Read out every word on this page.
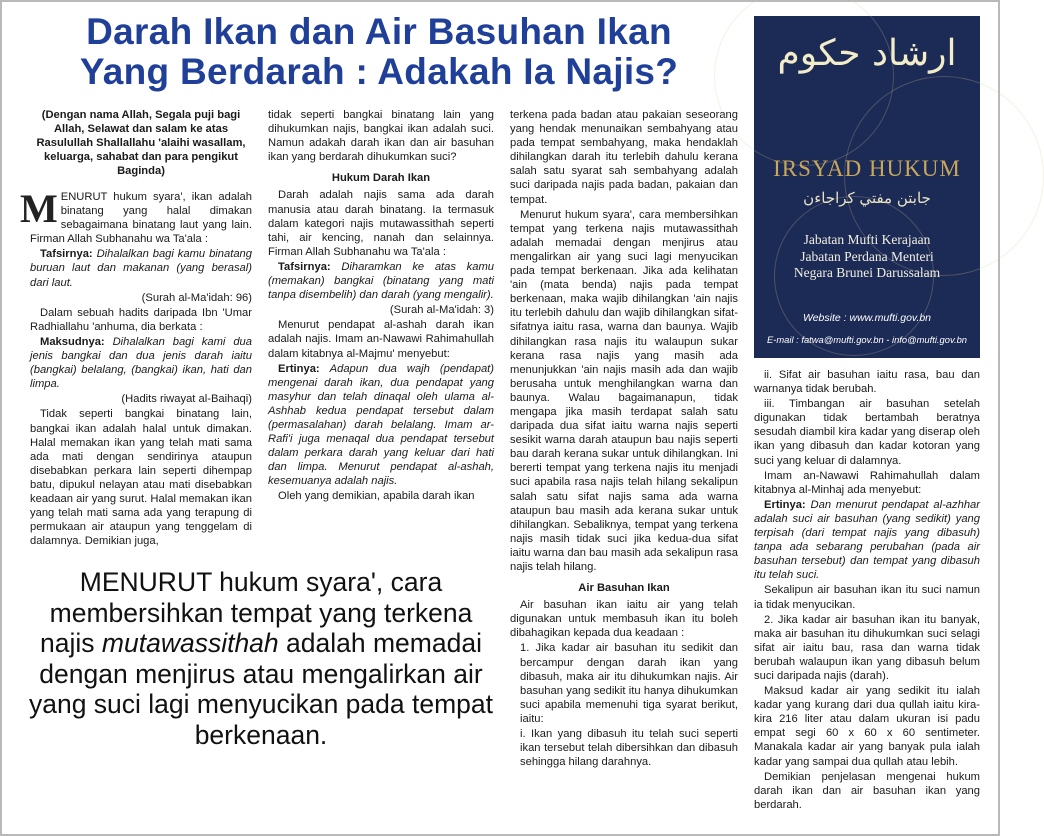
Darah Ikan dan Air Basuhan Ikan
Yang Berdarah : Adakah Ia Najis?

(Dengan nama Allah, Segala puji bagi Allah, Selawat dan salam ke atas Rasulullah Shallallahu 'alaihi wasallam, keluarga, sahabat dan para pengikut Baginda)

MENURUT hukum syara', ikan adalah binatang yang halal dimakan sebagaimana binatang laut yang lain. Firman Allah Subhanahu wa Ta'ala :

Tafsirnya: Dihalalkan bagi kamu binatang buruan laut dan makanan (yang berasal) dari laut.

(Surah al-Ma'idah: 96)

Dalam sebuah hadits daripada Ibn 'Umar Radhiallahu 'anhuma, dia berkata :

Maksudnya: Dihalalkan bagi kami dua jenis bangkai dan dua jenis darah iaitu (bangkai) belalang, (bangkai) ikan, hati dan limpa.

(Hadits riwayat al-Baihaqi)

Tidak seperti bangkai binatang lain, bangkai ikan adalah halal untuk dimakan. Halal memakan ikan yang telah mati sama ada mati dengan sendirinya ataupun disebabkan perkara lain seperti dihempap batu, dipukul nelayan atau mati disebabkan keadaan air yang surut. Halal memakan ikan yang telah mati sama ada yang terapung di permukaan air ataupun yang tenggelam di dalamnya. Demikian juga,

tidak seperti bangkai binatang lain yang dihukumkan najis, bangkai ikan adalah suci. Namun adakah darah ikan dan air basuhan ikan yang berdarah dihukumkan suci?

Hukum Darah Ikan

Darah adalah najis sama ada darah manusia atau darah binatang. Ia termasuk dalam kategori najis mutawassithah seperti tahi, air kencing, nanah dan selainnya. Firman Allah Subhanahu wa Ta'ala :

Tafsirnya: Diharamkan ke atas kamu (memakan) bangkai (binatang yang mati tanpa disembelih) dan darah (yang mengalir).

(Surah al-Ma'idah: 3)

Menurut pendapat al-ashah darah ikan adalah najis. Imam an-Nawawi Rahimahullah dalam kitabnya al-Majmu' menyebut:

Ertinya: Adapun dua wajh (pendapat) mengenai darah ikan, dua pendapat yang masyhur dan telah dinaqal oleh ulama al-Ashhab kedua pendapat tersebut dalam (permasalahan) darah belalang. Imam ar-Rafi'i juga menaqal dua pendapat tersebut dalam perkara darah yang keluar dari hati dan limpa. Menurut pendapat al-ashah, kesemuanya adalah najis.

Oleh yang demikian, apabila darah ikan

MENURUT hukum syara', cara membersihkan tempat yang terkena najis mutawassithah adalah memadai dengan menjirus atau mengalirkan air yang suci lagi menyucikan pada tempat berkenaan.

terkena pada badan atau pakaian seseorang yang hendak menunaikan sembahyang atau pada tempat sembahyang, maka hendaklah dihilangkan darah itu terlebih dahulu kerana salah satu syarat sah sembahyang adalah suci daripada najis pada badan, pakaian dan tempat.

Menurut hukum syara', cara membersihkan tempat yang terkena najis mutawassithah adalah memadai dengan menjirus atau mengalirkan air yang suci lagi menyucikan pada tempat berkenaan. Jika ada kelihatan 'ain (mata benda) najis pada tempat berkenaan, maka wajib dihilangkan 'ain najis itu terlebih dahulu dan wajib dihilangkan sifat-sifatnya iaitu rasa, warna dan baunya. Wajib dihilangkan rasa najis itu walaupun sukar kerana rasa najis yang masih ada menunjukkan 'ain najis masih ada dan wajib berusaha untuk menghilangkan warna dan baunya. Walau bagaimanapun, tidak mengapa jika masih terdapat salah satu daripada dua sifat iaitu warna najis seperti sesikit warna darah ataupun bau najis seperti bau darah kerana sukar untuk dihilangkan. Ini bererti tempat yang terkena najis itu menjadi suci apabila rasa najis telah hilang sekalipun salah satu sifat najis sama ada warna ataupun bau masih ada kerana sukar untuk dihilangkan. Sebaliknya, tempat yang terkena najis masih tidak suci jika kedua-dua sifat iaitu warna dan bau masih ada sekalipun rasa najis telah hilang.

Air Basuhan Ikan

Air basuhan ikan iaitu air yang telah digunakan untuk membasuh ikan itu boleh dibahagikan kepada dua keadaan :

1. Jika kadar air basuhan itu sedikit dan bercampur dengan darah ikan yang dibasuh, maka air itu dihukumkan najis. Air basuhan yang sedikit itu hanya dihukumkan suci apabila memenuhi tiga syarat berikut, iaitu:

i. Ikan yang dibasuh itu telah suci seperti ikan tersebut telah dibersihkan dan dibasuh sehingga hilang darahnya.

ارشاد حكوم
IRSYAD HUKUM
جابتن مفتي كراجاءن
Jabatan Mufti Kerajaan
Jabatan Perdana Menteri
Negara Brunei Darussalam
Website : www.mufti.gov.bn
E-mail : fatwa@mufti.gov.bn - info@mufti.gov.bn

ii. Sifat air basuhan iaitu rasa, bau dan warnanya tidak berubah.

iii. Timbangan air basuhan setelah digunakan tidak bertambah beratnya sesudah diambil kira kadar yang diserap oleh ikan yang dibasuh dan kadar kotoran yang suci yang keluar di dalamnya.

Imam an-Nawawi Rahimahullah dalam kitabnya al-Minhaj ada menyebut:

Ertinya: Dan menurut pendapat al-azhhar adalah suci air basuhan (yang sedikit) yang terpisah (dari tempat najis yang dibasuh) tanpa ada sebarang perubahan (pada air basuhan tersebut) dan tempat yang dibasuh itu telah suci.

Sekalipun air basuhan ikan itu suci namun ia tidak menyucikan.

2. Jika kadar air basuhan ikan itu banyak, maka air basuhan itu dihukumkan suci selagi sifat air iaitu bau, rasa dan warna tidak berubah walaupun ikan yang dibasuh belum suci daripada najis (darah).

Maksud kadar air yang sedikit itu ialah kadar yang kurang dari dua qullah iaitu kira-kira 216 liter atau dalam ukuran isi padu empat segi 60 x 60 x 60 sentimeter. Manakala kadar air yang banyak pula ialah kadar yang sampai dua qullah atau lebih.

Demikian penjelasan mengenai hukum darah ikan dan air basuhan ikan yang berdarah.
